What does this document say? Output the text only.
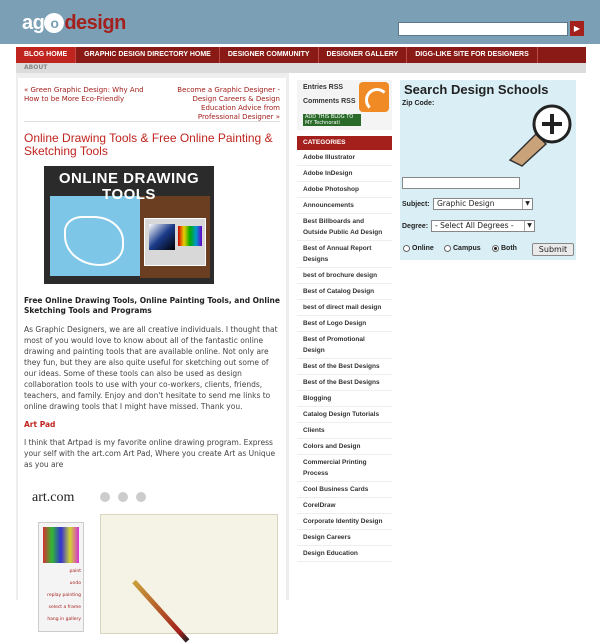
ag o design	▶
BLOG HOME	GRAPHIC DESIGN DIRECTORY HOME	DESIGNER COMMUNITY	DESIGNER GALLERY	DIGG-LIKE SITE FOR DESIGNERS
ABOUT
« Green Graphic Design: Why And How to be More Eco-Friendly
Become a Graphic Designer - Design Careers & Design Education Advice from Professional Designer »
Online Drawing Tools & Free Online Painting & Sketching Tools
ONLINE DRAWING
TOOLS
Free Online Drawing Tools, Online Painting Tools, and Online Sketching Tools and Programs
As Graphic Designers, we are all creative individuals. I thought that most of you would love to know about all of the fantastic online drawing and painting tools that are available online. Not only are they fun, but they are also quite useful for sketching out some of our ideas. Some of these tools can also be used as design collaboration tools to use with your co-workers, clients, friends, teachers, and family. Enjoy and don't hesitate to send me links to online drawing tools that I might have missed. Thank you.
Art Pad
I think that Artpad is my favorite online drawing program. Express your self with the art.com Art Pad, Where you create Art as Unique as you are
art.com
paint
undo
replay painting
select a frame
hang in gallery
Entries RSS
Comments RSS
ADD THIS BLOG TO MY Technorati FAVORITES
CATEGORIES
Adobe Illustrator
Adobe InDesign
Adobe Photoshop
Announcements
Best Billboards and Outside Public Ad Design
Best of Annual Report Designs
best of brochure design
Best of Catalog Design
best of direct mail design
Best of Logo Design
Best of Promotional Design
Best of the Best Designs
Best of the Best Designs
Blogging
Catalog Design Tutorials
Clients
Colors and Design
Commercial Printing Process
Cool Business Cards
CorelDraw
Corporate Identity Design
Design Careers
Design Education
Search Design Schools
Zip Code:
Subject: Graphic Design	▼
Degree: - Select All Degrees -	▼
Online	Campus	Both	Submit
